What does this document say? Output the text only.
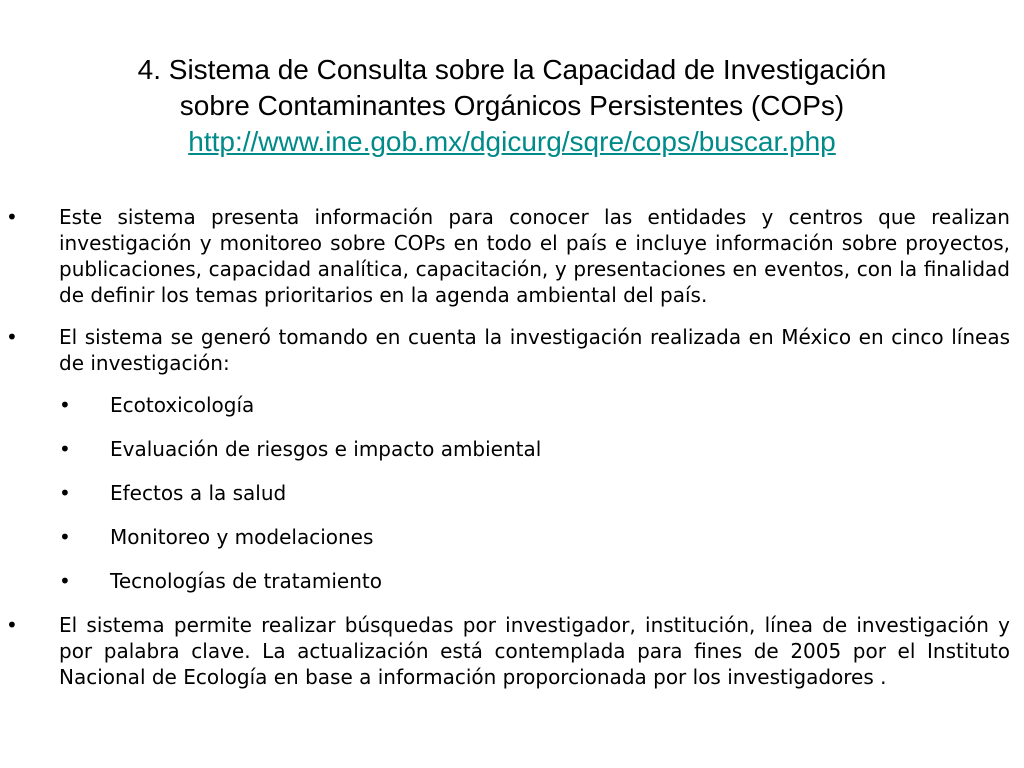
4. Sistema de Consulta sobre la Capacidad de Investigación
sobre Contaminantes Orgánicos Persistentes (COPs)
http://www.ine.gob.mx/dgicurg/sqre/cops/buscar.php
•	Este sistema presenta información para conocer las entidades y centros que realizan investigación y monitoreo sobre COPs en todo el país e incluye información sobre proyectos, publicaciones, capacidad analítica, capacitación, y presentaciones en eventos, con la finalidad de definir los temas prioritarios en la agenda ambiental del país.
•	El sistema se generó tomando en cuenta la investigación realizada en México en cinco líneas de investigación:
• Ecotoxicología
• Evaluación de riesgos e impacto ambiental
• Efectos a la salud
• Monitoreo y modelaciones
• Tecnologías de tratamiento
•	El sistema permite realizar búsquedas por investigador, institución, línea de investigación y por palabra clave. La actualización está contemplada para fines de 2005 por el Instituto Nacional de Ecología en base a información proporcionada por los investigadores .
